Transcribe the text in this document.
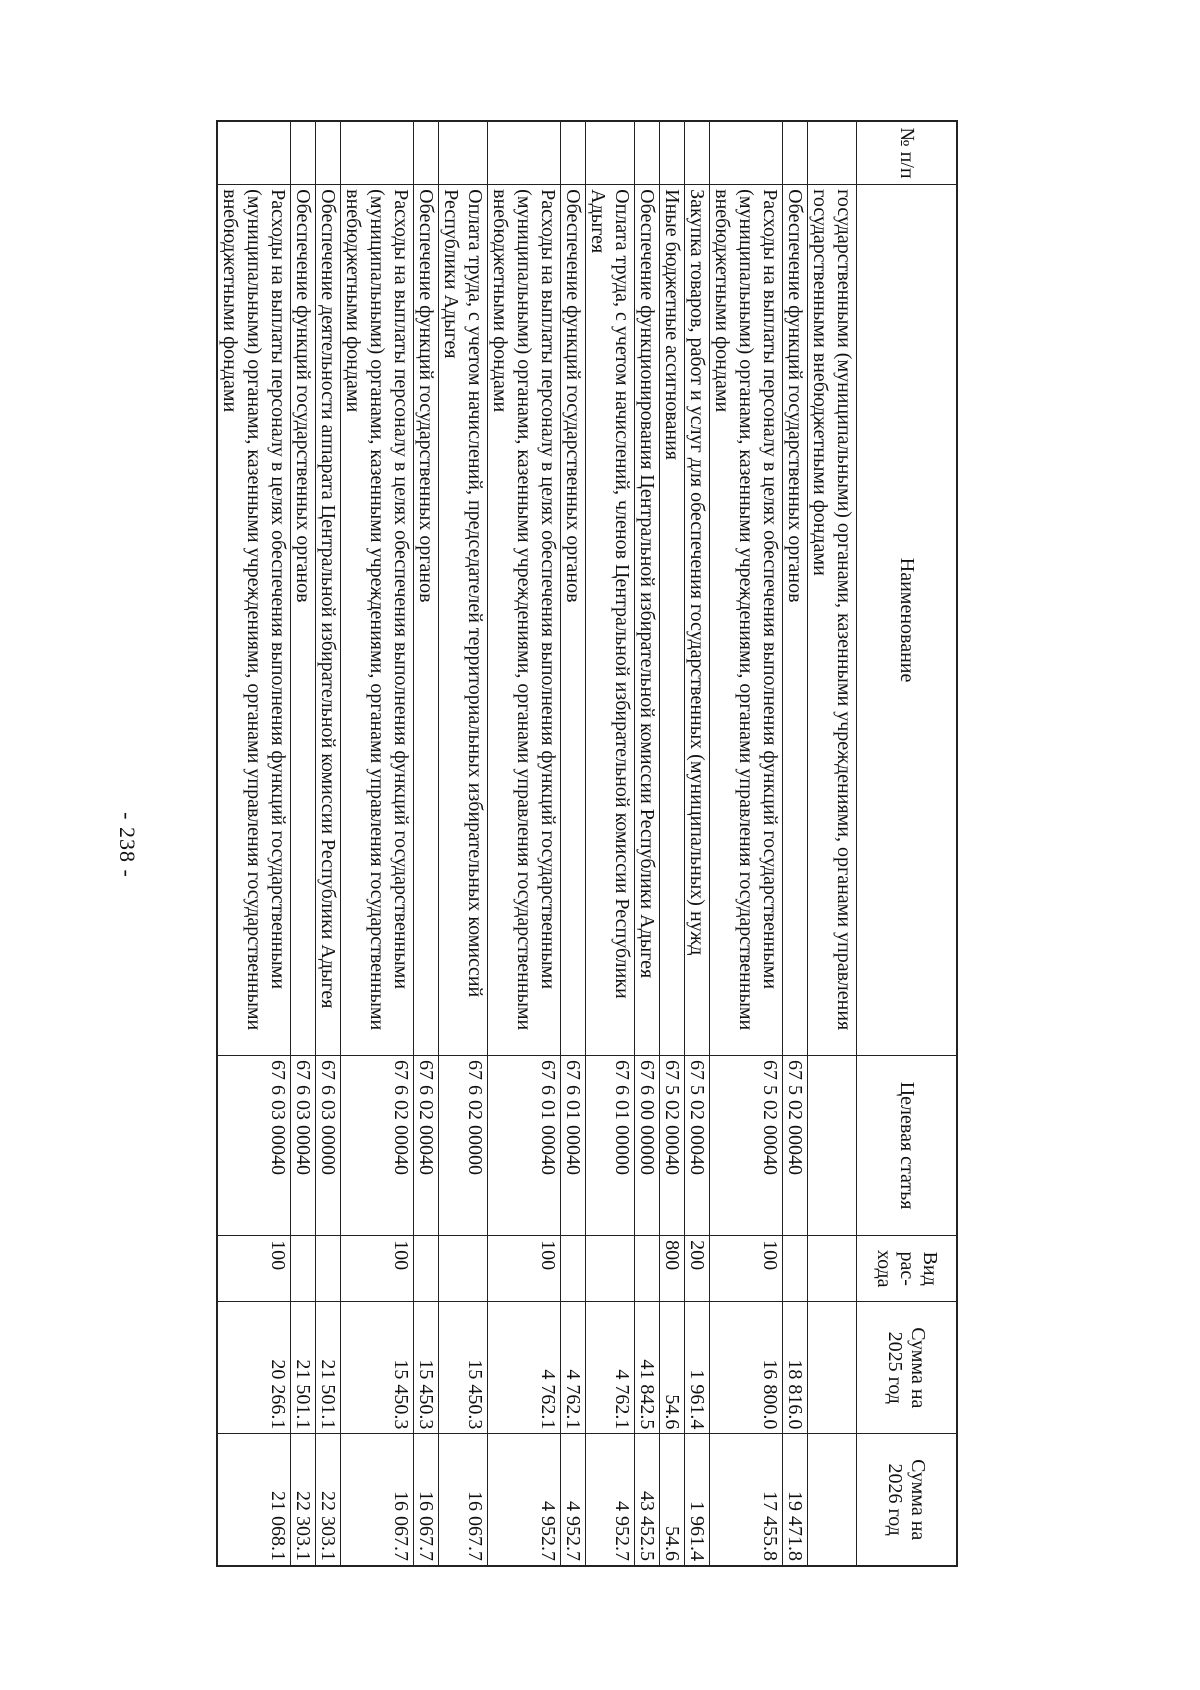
- 238 -
№ п/п	Наименование	Целевая статья	Вид рас- хода	Сумма на 2025 год	Сумма на 2026 год
	государственными (муниципальными) органами, казенными учреждениями, органами управления государственными внебюджетными фондами				
	Обеспечение функций государственных органов	67 5 02 00040		18 816.0	19 471.8
	Расходы на выплаты персоналу в целях обеспечения выполнения функций государственными (муниципальными) органами, казенными учреждениями, органами управления государственными внебюджетными фондами	67 5 02 00040	100	16 800.0	17 455.8
	Закупка товаров, работ и услуг для обеспечения государственных (муниципальных) нужд	67 5 02 00040	200	1 961.4	1 961.4
	Иные бюджетные ассигнования	67 5 02 00040	800	54.6	54.6
	Обеспечение функционирования Центральной избирательной комиссии Республики Адыгея	67 6 00 00000		41 842.5	43 452.5
	Оплата труда, с учетом начислений, членов Центральной избирательной комиссии Республики Адыгея	67 6 01 00000		4 762.1	4 952.7
	Обеспечение функций государственных органов	67 6 01 00040		4 762.1	4 952.7
	Расходы на выплаты персоналу в целях обеспечения выполнения функций государственными (муниципальными) органами, казенными учреждениями, органами управления государственными внебюджетными фондами	67 6 01 00040	100	4 762.1	4 952.7
	Оплата труда, с учетом начислений, председателей территориальных избирательных комиссий Республики Адыгея	67 6 02 00000		15 450.3	16 067.7
	Обеспечение функций государственных органов	67 6 02 00040		15 450.3	16 067.7
	Расходы на выплаты персоналу в целях обеспечения выполнения функций государственными (муниципальными) органами, казенными учреждениями, органами управления государственными внебюджетными фондами	67 6 02 00040	100	15 450.3	16 067.7
	Обеспечение деятельности аппарата Центральной избирательной комиссии Республики Адыгея	67 6 03 00000		21 501.1	22 303.1
	Обеспечение функций государственных органов	67 6 03 00040		21 501.1	22 303.1
	Расходы на выплаты персоналу в целях обеспечения выполнения функций государственными (муниципальными) органами, казенными учреждениями, органами управления государственными внебюджетными фондами	67 6 03 00040	100	20 266.1	21 068.1
